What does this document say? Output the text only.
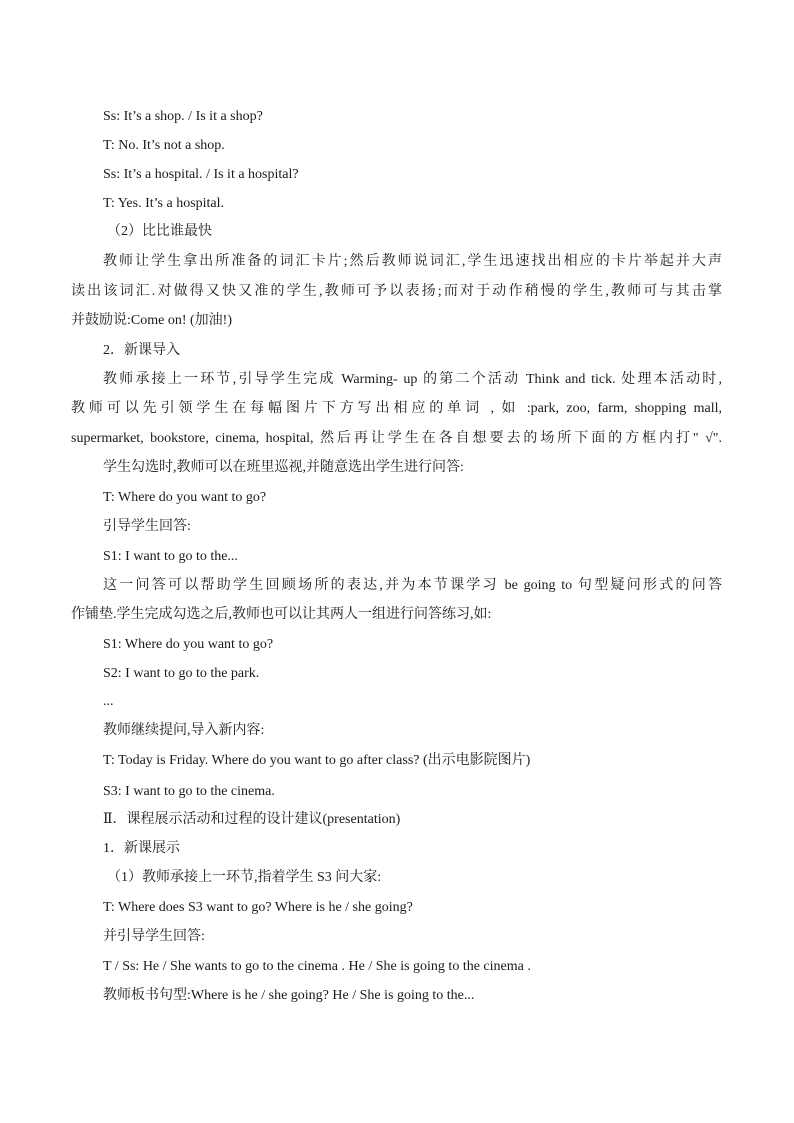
Ss: It’s a shop. / Is it a shop?
T: No. It’s not a shop.
Ss: It’s a hospital. / Is it a hospital?
T: Yes. It’s a hospital.
（2）比比谁最快
教师让学生拿出所准备的词汇卡片;然后教师说词汇,学生迅速找出相应的卡片举起并大声
读出该词汇.对做得又快又准的学生,教师可予以表扬;而对于动作稍慢的学生,教师可与其击掌
并鼓励说:Come on! (加油!)
2．新课导入
教师承接上一环节,引导学生完成 Warming- up 的第二个活动 Think and tick. 处理本活动时,
教师可以先引领学生在每幅图片下方写出相应的单词 , 如 :park, zoo, farm, shopping mall,
supermarket, bookstore, cinema, hospital, 然后再让学生在各自想要去的场所下面的方框内打" √".
学生勾选时,教师可以在班里巡视,并随意选出学生进行问答:
T: Where do you want to go?
引导学生回答:
S1: I want to go to the...
这一问答可以帮助学生回顾场所的表达,并为本节课学习 be going to 句型疑问形式的问答
作铺垫.学生完成勾选之后,教师也可以让其两人一组进行问答练习,如:
S1: Where do you want to go?
S2: I want to go to the park.
...
教师继续提问,导入新内容:
T: Today is Friday. Where do you want to go after class? (出示电影院图片)
S3: I want to go to the cinema.
Ⅱ．课程展示活动和过程的设计建议(presentation)
1．新课展示
（1）教师承接上一环节,指着学生 S3 问大家:
T: Where does S3 want to go? Where is he / she going?
并引导学生回答:
T / Ss: He / She wants to go to the cinema . He / She is going to the cinema .
教师板书句型:Where is he / she going? He / She is going to the...
